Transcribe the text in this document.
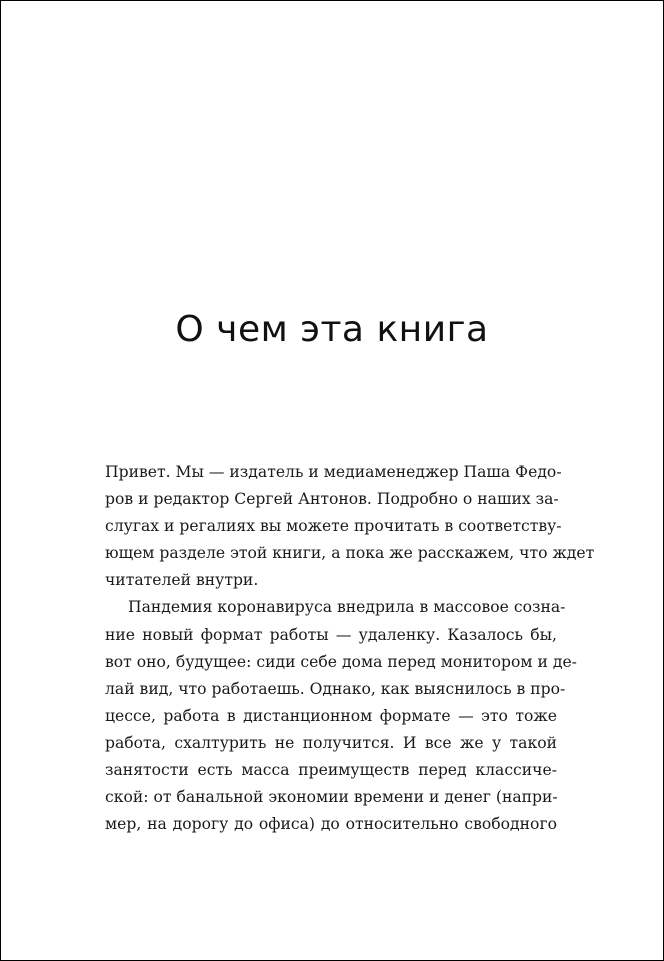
О чем эта книга
Привет. Мы — издатель и медиаменеджер Паша Федо-
ров и редактор Сергей Антонов. Подробно о наших за-
слугах и регалиях вы можете прочитать в соответству-
ющем разделе этой книги, а пока же расскажем, что ждет
читателей внутри.
Пандемия коронавируса внедрила в массовое созна-
ние новый формат работы — удаленку. Казалось бы,
вот оно, будущее: сиди себе дома перед монитором и де-
лай вид, что работаешь. Однако, как выяснилось в про-
цессе, работа в дистанционном формате — это тоже
работа, схалтурить не получится. И все же у такой
занятости есть масса преимуществ перед классиче-
ской: от банальной экономии времени и денег (напри-
мер, на дорогу до офиса) до относительно свободного
